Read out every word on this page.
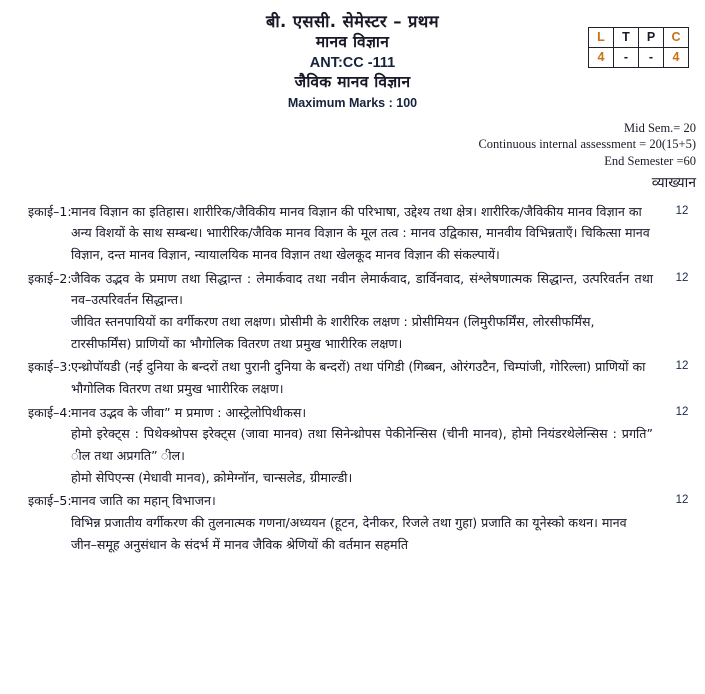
L	T	P	C
4	-	-	4
बी. एससी. सेमेस्टर – प्रथम
मानव विज्ञान
ANT:CC -111
जैविक मानव विज्ञान
Maximum Marks : 100
Mid Sem.= 20
Continuous internal assessment = 20(15+5)
End Semester =60
व्याख्यान
इकाई–1: मानव विज्ञान का इतिहास। शारीरिक/जैविकीय मानव विज्ञान की परिभाषा, उद्देश्य तथा क्षेत्र। शारीरिक/जैविकीय मानव विज्ञान का अन्य विशयों के साथ सम्बन्ध। भाारीरिक/जैविक मानव विज्ञान के मूल तत्व : मानव उद्विकास, मानवीय विभिन्नताएँ। चिकित्सा मानव विज्ञान, दन्त मानव विज्ञान, न्यायालयिक मानव विज्ञान तथा खेलकूद मानव विज्ञान की संकल्पायें।

12
इकाई–2: जैविक उद्भव के प्रमाण तथा सिद्धान्त : लेमार्कवाद तथा नवीन लेमार्कवाद, डार्विनवाद, संश्लेषणात्मक सिद्धान्त, उत्परिवर्तन तथा नव–उत्परिवर्तन सिद्धान्त।

जीवित स्तनपायियों का वर्गीकरण तथा लक्षण। प्रोसीमी के शारीरिक लक्षण : प्रोसीमियन (लिमुरीफर्मिंस, लोरसीफर्मिंस, टारसीफर्मिंस) प्राणियों का भौगोलिक वितरण तथा प्रमुख भाारीरिक लक्षण।

12
इकाई–3: एन्थ्रोपॉयडी (नई दुनिया के बन्दरों तथा पुरानी दुनिया के बन्दरों) तथा पंगिडी (गिब्बन, ओरंगउटैन, चिम्पांजी, गोरिल्ला) प्राणियों का भौगोलिक वितरण तथा प्रमुख भाारीरिक लक्षण।

12
इकाई–4: मानव उद्भव के जीवा” म प्रमाण : आस्ट्रेलोपिथीकस।

होमो इरेक्ट्स : पिथेक्श्रोपस इरेक्ट्स (जावा मानव) तथा सिनेन्थ्रोपस पेकीनेन्सिस (चीनी मानव), होमो नियंडरथेलेन्सिस : प्रगति” ील तथा अप्रगति” ील।

होमो सेपिएन्स (मेधावी मानव), क्रोमेग्नॉन, चान्सलेड, ग्रीमाल्डी।

12
इकाई–5: मानव जाति का महान् विभाजन।

विभिन्न प्रजातीय वर्गीकरण की तुलनात्मक गणना/अध्ययन (हूटन, देनीकर, रिजले तथा गुहा) प्रजाति का यूनेस्को कथन। मानव जीन–समूह अनुसंधान के संदर्भ में मानव जैविक श्रेणियों की वर्तमान सहमति

12
